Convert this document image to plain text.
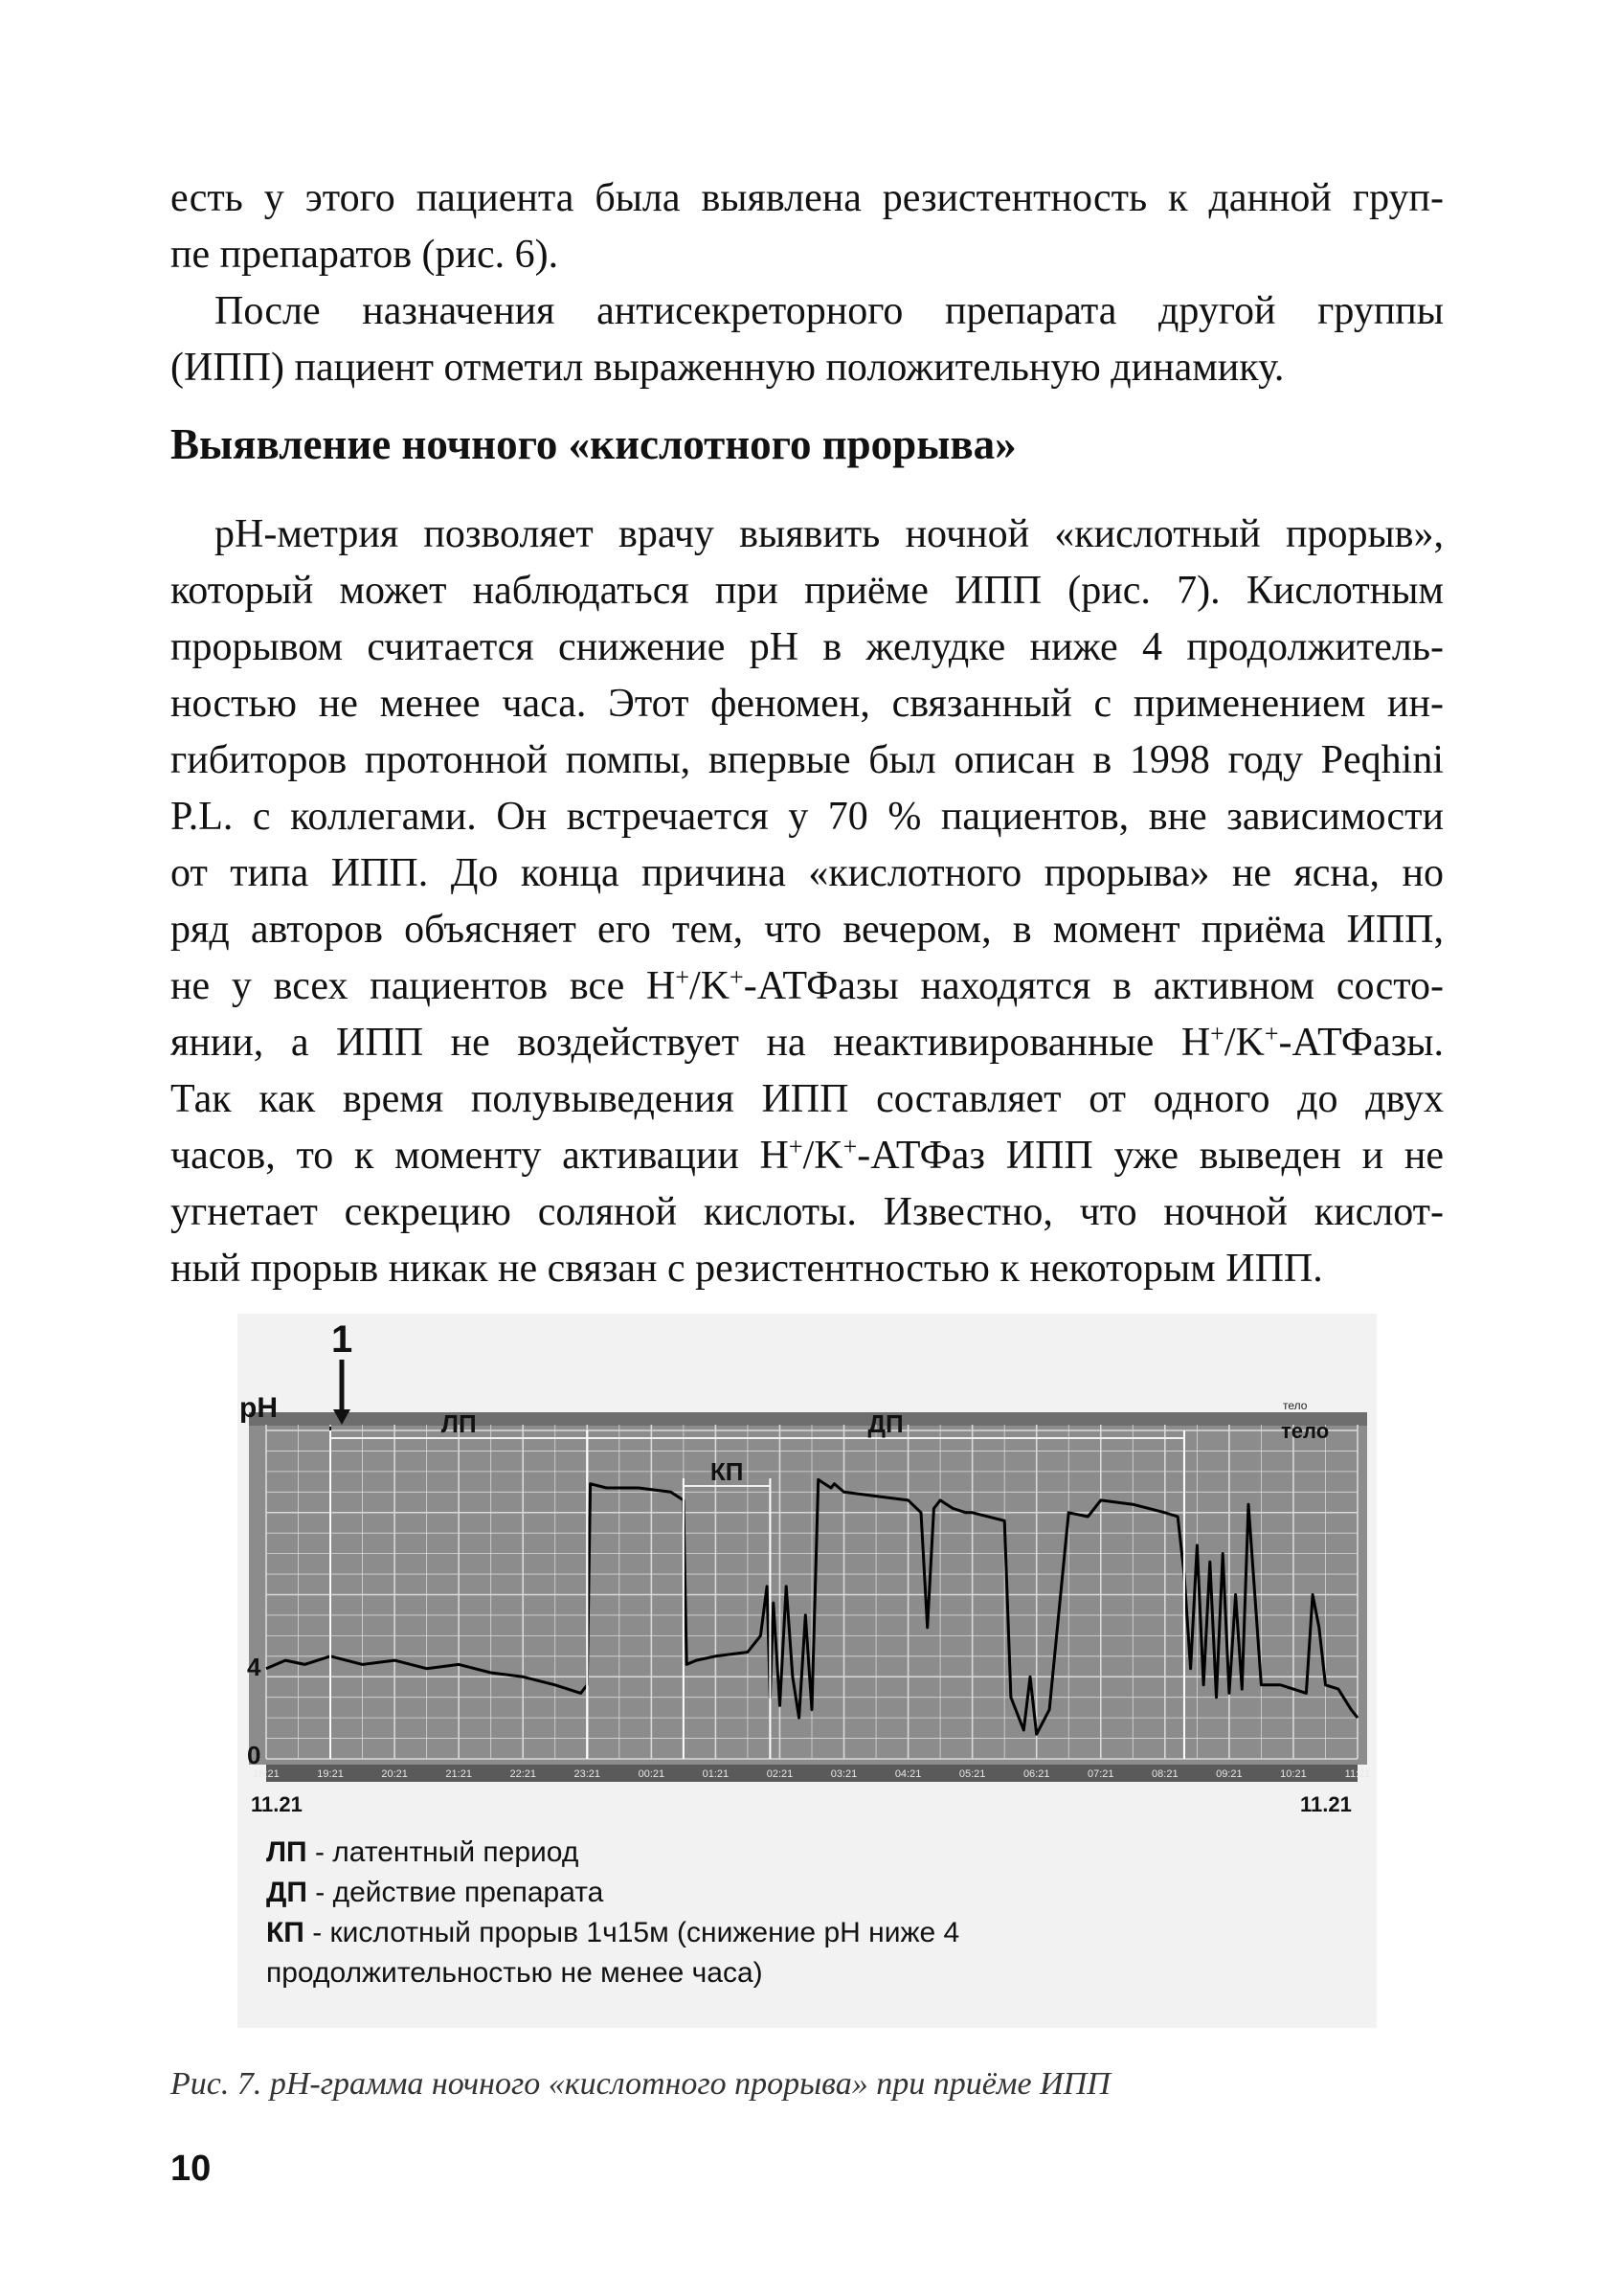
есть у этого пациента была выявлена резистентность к данной груп-
пе препаратов (рис. 6).
После назначения антисекреторного препарата другой группы
(ИПП) пациент отметил выраженную положительную динамику.
Выявление ночного «кислотного прорыва»
pH-метрия позволяет врачу выявить ночной «кислотный прорыв»,
который может наблюдаться при приёме ИПП (рис. 7). Кислотным
прорывом считается снижение pH в желудке ниже 4 продолжитель-
ностью не менее часа. Этот феномен, связанный с применением ин-
гибиторов протонной помпы, впервые был описан в 1998 году Peqhini
P.L. с коллегами. Он встречается у 70 % пациентов, вне зависимости
от типа ИПП. До конца причина «кислотного прорыва» не ясна, но
ряд авторов объясняет его тем, что вечером, в момент приёма ИПП,
не у всех пациентов все H+/K+-АТФазы находятся в активном состо-
янии, а ИПП не воздействует на неактивированные H+/K+-АТФазы.
Так как время полувыведения ИПП составляет от одного до двух
часов, то к моменту активации H+/K+-АТФаз ИПП уже выведен и не
угнетает секрецию соляной кислоты. Известно, что ночной кислот-
ный прорыв никак не связан с резистентностью к некоторым ИПП.
ЛП	ДП
КП
18:21	19:21	20:21	21:21	22:21	23:21	00:21	01:21	02:21	03:21	04:21	05:21	06:21	07:21	08:21	09:21	10:21	11:21
ЛП - латентный период
ДП - действие препарата
КП - кислотный прорыв 1ч15м (снижение pH ниже 4
продолжительностью не менее часа)
11.21	11.21
pH
4
0
тело
тело
1
Рис. 7. pH-грамма ночного «кислотного прорыва» при приёме ИПП
10
